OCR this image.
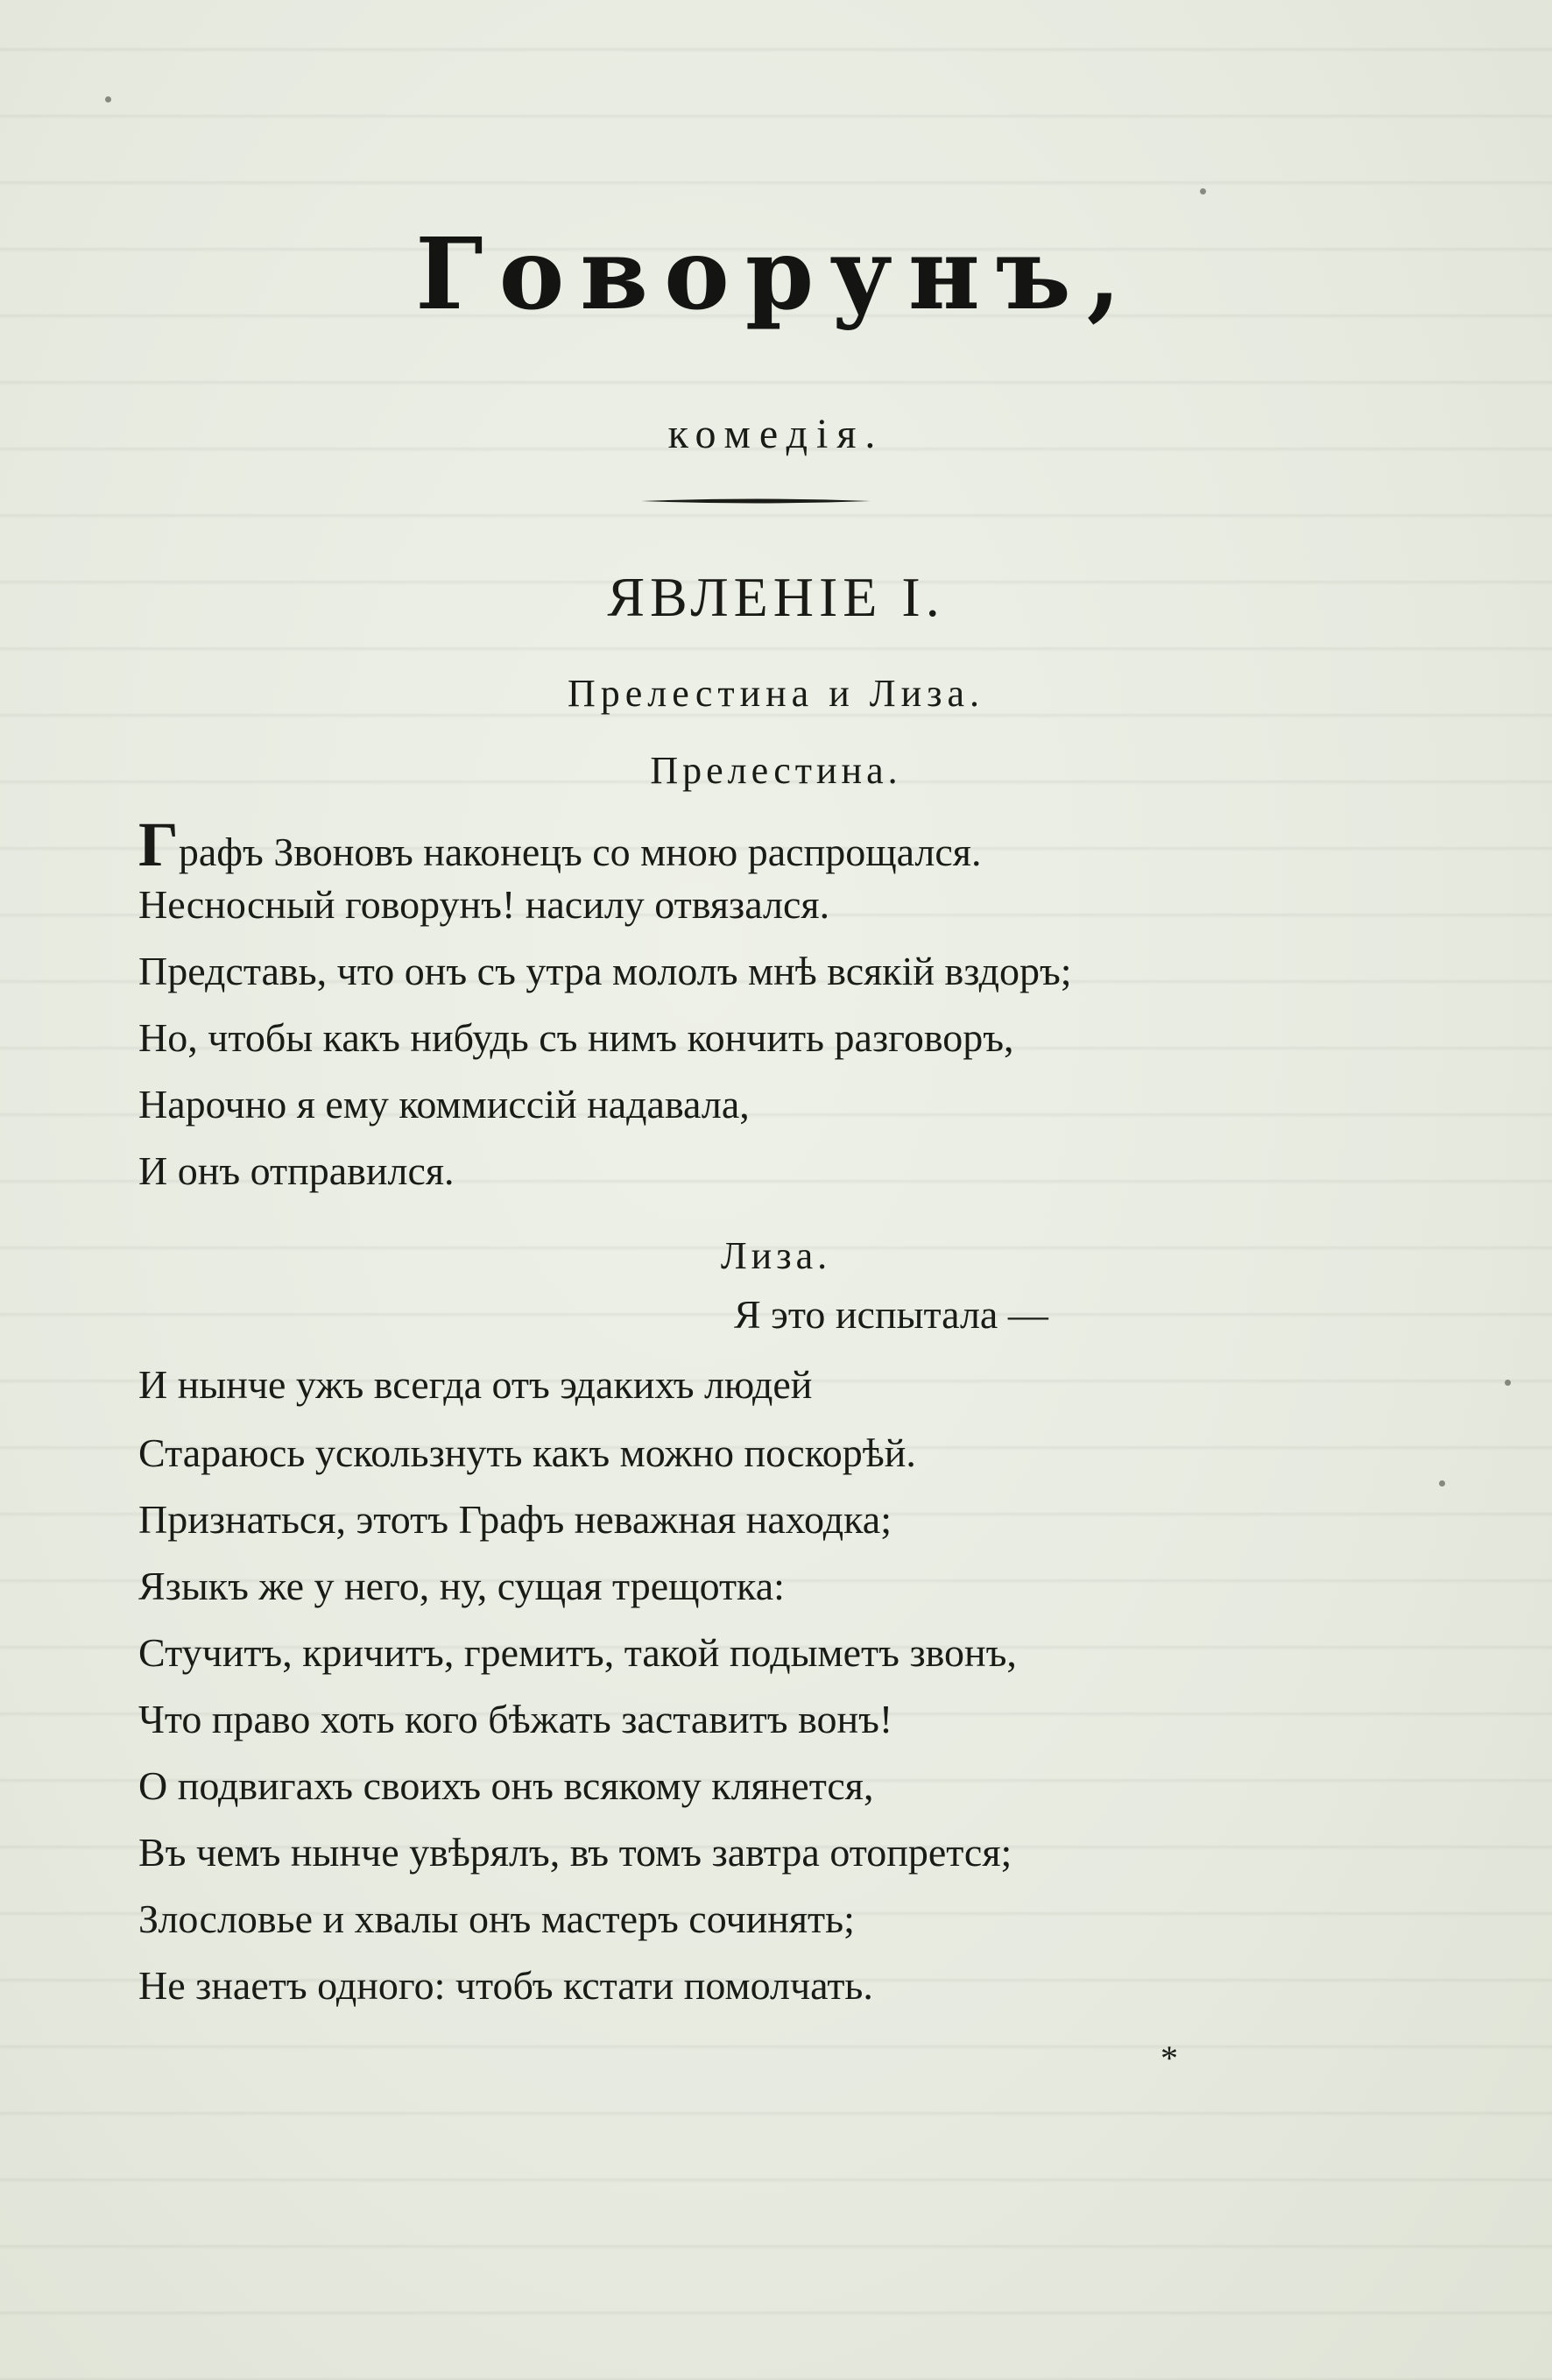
Говорунъ,
комедія.
ЯВЛЕНІЕ I.
Прелестина и Лиза.
Прелестина.
Графъ Звоновъ наконецъ со мною распрощался.
Несносный говорунъ! насилу отвязался.
Представь, что онъ съ утра мололъ мнѣ всякій вздоръ;
Но, чтобы какъ нибудь съ нимъ кончить разговоръ,
Нарочно я ему коммиссій надавала,
И онъ отправился.
Лиза.
Я это испытала —
И нынче ужъ всегда отъ эдакихъ людей
Стараюсь ускользнуть какъ можно поскорѣй.
Признаться, этотъ Графъ неважная находка;
Языкъ же у него, ну, сущая трещотка:
Стучитъ, кричитъ, гремитъ, такой подыметъ звонъ,
Что право хоть кого бѣжать заставитъ вонъ!
О подвигахъ своихъ онъ всякому клянется,
Въ чемъ нынче увѣрялъ, въ томъ завтра отопрется;
Злословье и хвалы онъ мастеръ сочинять;
Не знаетъ одного: чтобъ кстати помолчать.
*
